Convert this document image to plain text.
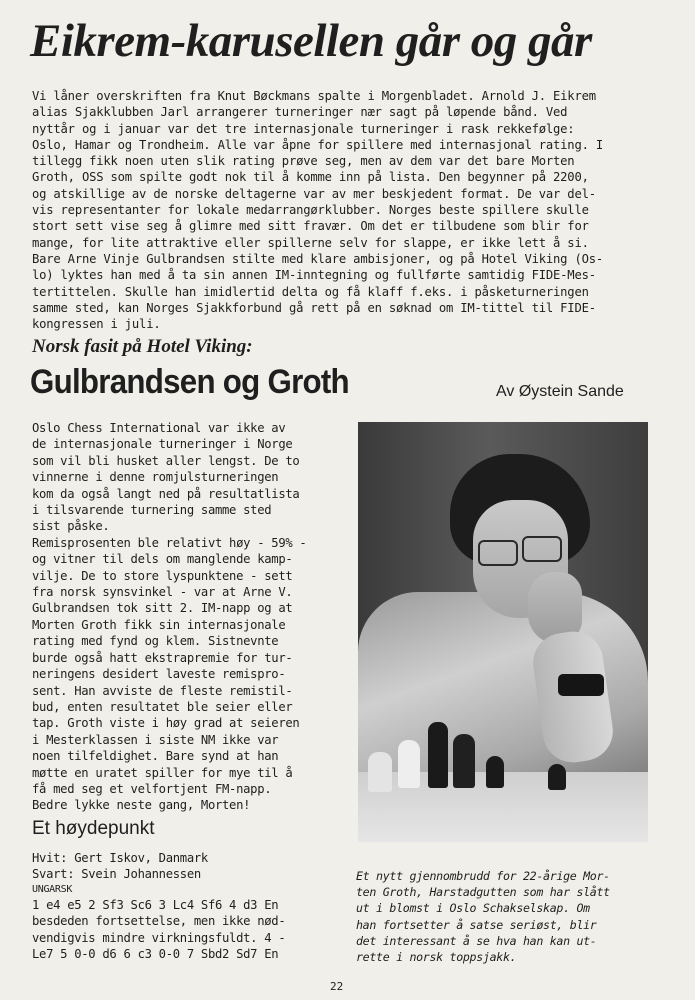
Eikrem-karusellen går og går
Vi låner overskriften fra Knut Bøckmans spalte i Morgenbladet. Arnold J. Eikrem
alias Sjakklubben Jarl arrangerer turneringer nær sagt på løpende bånd. Ved
nyttår og i januar var det tre internasjonale turneringer i rask rekkefølge:
Oslo, Hamar og Trondheim. Alle var åpne for spillere med internasjonal rating. I
tillegg fikk noen uten slik rating prøve seg, men av dem var det bare Morten
Groth, OSS som spilte godt nok til å komme inn på lista. Den begynner på 2200,
og atskillige av de norske deltagerne var av mer beskjedent format. De var del-
vis representanter for lokale medarrangørklubber. Norges beste spillere skulle
stort sett vise seg å glimre med sitt fravær. Om det er tilbudene som blir for
mange, for lite attraktive eller spillerne selv for slappe, er ikke lett å si.
Bare Arne Vinje Gulbrandsen stilte med klare ambisjoner, og på Hotel Viking (Os-
lo) lyktes han med å ta sin annen IM-inntegning og fullførte samtidig FIDE-Mes-
tertittelen. Skulle han imidlertid delta og få klaff f.eks. i påsketurneringen
samme sted, kan Norges Sjakkforbund gå rett på en søknad om IM-tittel til FIDE-
kongressen i juli.
Norsk fasit på Hotel Viking:
Gulbrandsen og Groth	Av Øystein Sande
Oslo Chess International var ikke av
de internasjonale turneringer i Norge
som vil bli husket aller lengst. De to
vinnerne i denne romjulsturneringen
kom da også langt ned på resultatlista
i tilsvarende turnering samme sted
sist påske.
Remisprosenten ble relativt høy - 59% -
og vitner til dels om manglende kamp-
vilje. De to store lyspunktene - sett
fra norsk synsvinkel - var at Arne V.
Gulbrandsen tok sitt 2. IM-napp og at
Morten Groth fikk sin internasjonale
rating med fynd og klem. Sistnevnte
burde også hatt ekstrapremie for tur-
neringens desidert laveste remispro-
sent. Han avviste de fleste remistil-
bud, enten resultatet ble seier eller
tap. Groth viste i høy grad at seieren
i Mesterklassen i siste NM ikke var
noen tilfeldighet. Bare synd at han
møtte en uratet spiller for mye til å
få med seg et velfortjent FM-napp.
Bedre lykke neste gang, Morten!
Et høydepunkt
Hvit: Gert Iskov, Danmark
Svart: Svein Johannessen
UNGARSK
1 e4 e5 2 Sf3 Sc6 3 Lc4 Sf6 4 d3 En
besdeden fortsettelse, men ikke nød-
vendigvis mindre virkningsfuldt. 4 -
Le7 5 0-0 d6 6 c3 0-0 7 Sbd2 Sd7 En
Et nytt gjennombrudd for 22-årige Mor-
ten Groth, Harstadgutten som har slått
ut i blomst i Oslo Schakselskap. Om
han fortsetter å satse seriøst, blir
det interessant å se hva han kan ut-
rette i norsk toppsjakk.
22
